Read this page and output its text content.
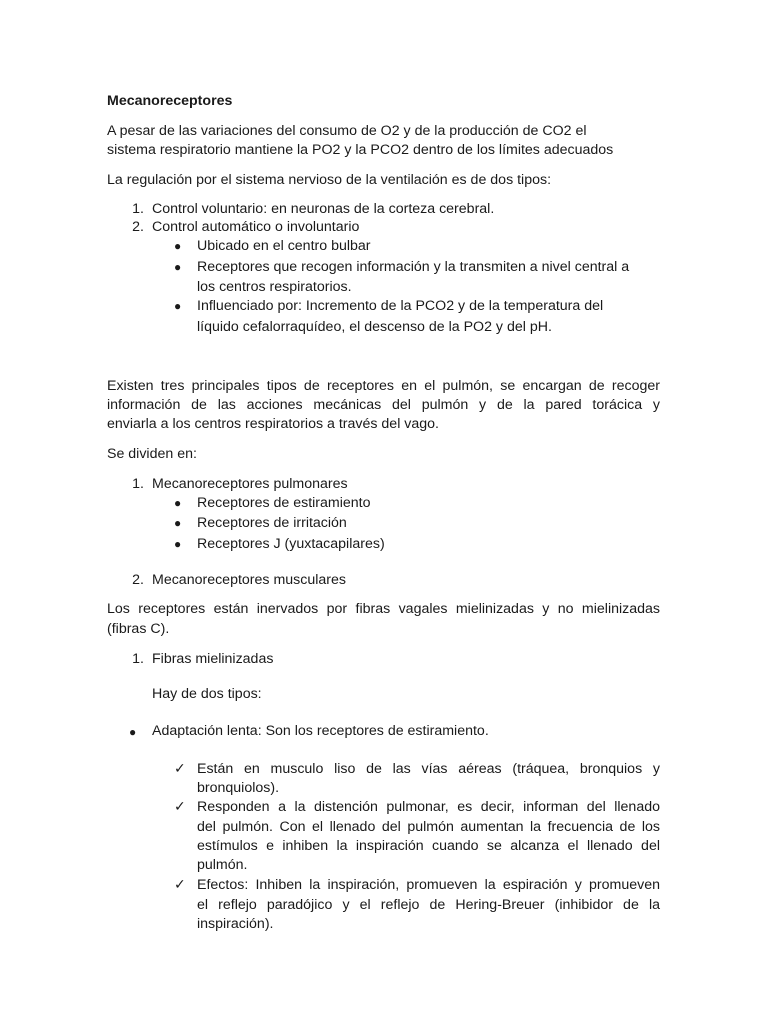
Mecanoreceptores
A pesar de las variaciones del consumo de O2 y de la producción de CO2 el
sistema respiratorio mantiene la PO2 y la PCO2 dentro de los límites adecuados
La regulación por el sistema nervioso de la ventilación es de dos tipos:
1. Control voluntario: en neuronas de la corteza cerebral.
2. Control automático o involuntario
● Ubicado en el centro bulbar
● Receptores que recogen información y la transmiten a nivel central a
los centros respiratorios.
● Influenciado por: Incremento de la PCO2 y de la temperatura del
líquido cefalorraquídeo, el descenso de la PO2 y del pH.
Existen tres principales tipos de receptores en el pulmón, se encargan de recoger
información de las acciones mecánicas del pulmón y de la pared torácica y
enviarla a los centros respiratorios a través del vago.
Se dividen en:
1. Mecanoreceptores pulmonares
● Receptores de estiramiento
● Receptores de irritación
● Receptores J (yuxtacapilares)
2. Mecanoreceptores musculares
Los receptores están inervados por fibras vagales mielinizadas y no mielinizadas
(fibras C).
1. Fibras mielinizadas
Hay de dos tipos:
● Adaptación lenta: Son los receptores de estiramiento.
✓ Están en musculo liso de las vías aéreas (tráquea, bronquios y
bronquiolos).
✓ Responden a la distención pulmonar, es decir, informan del llenado
del pulmón. Con el llenado del pulmón aumentan la frecuencia de los
estímulos e inhiben la inspiración cuando se alcanza el llenado del
pulmón.
✓ Efectos: Inhiben la inspiración, promueven la espiración y promueven
el reflejo paradójico y el reflejo de Hering-Breuer (inhibidor de la
inspiración).
